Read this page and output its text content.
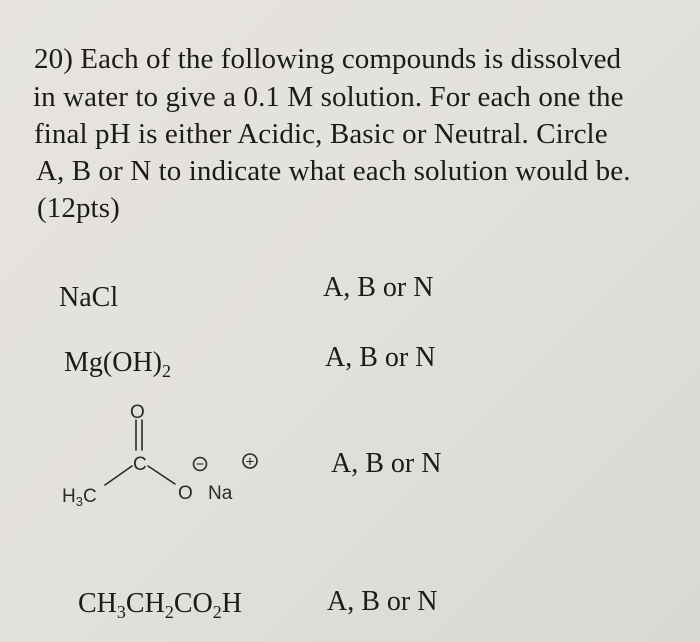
20) Each of the following compounds is dissolved
in water to give a 0.1 M solution. For each one the
final pH is either Acidic, Basic or Neutral. Circle
A, B or N to indicate what each solution would be.
(12pts)
NaCl	A, B or N
$Mg(OH)_2$	A, B or N
O
C
$H_3C$	O
−	+
Na
A, B or N
$CH_3CH_2CO_2H$	A, B or N
